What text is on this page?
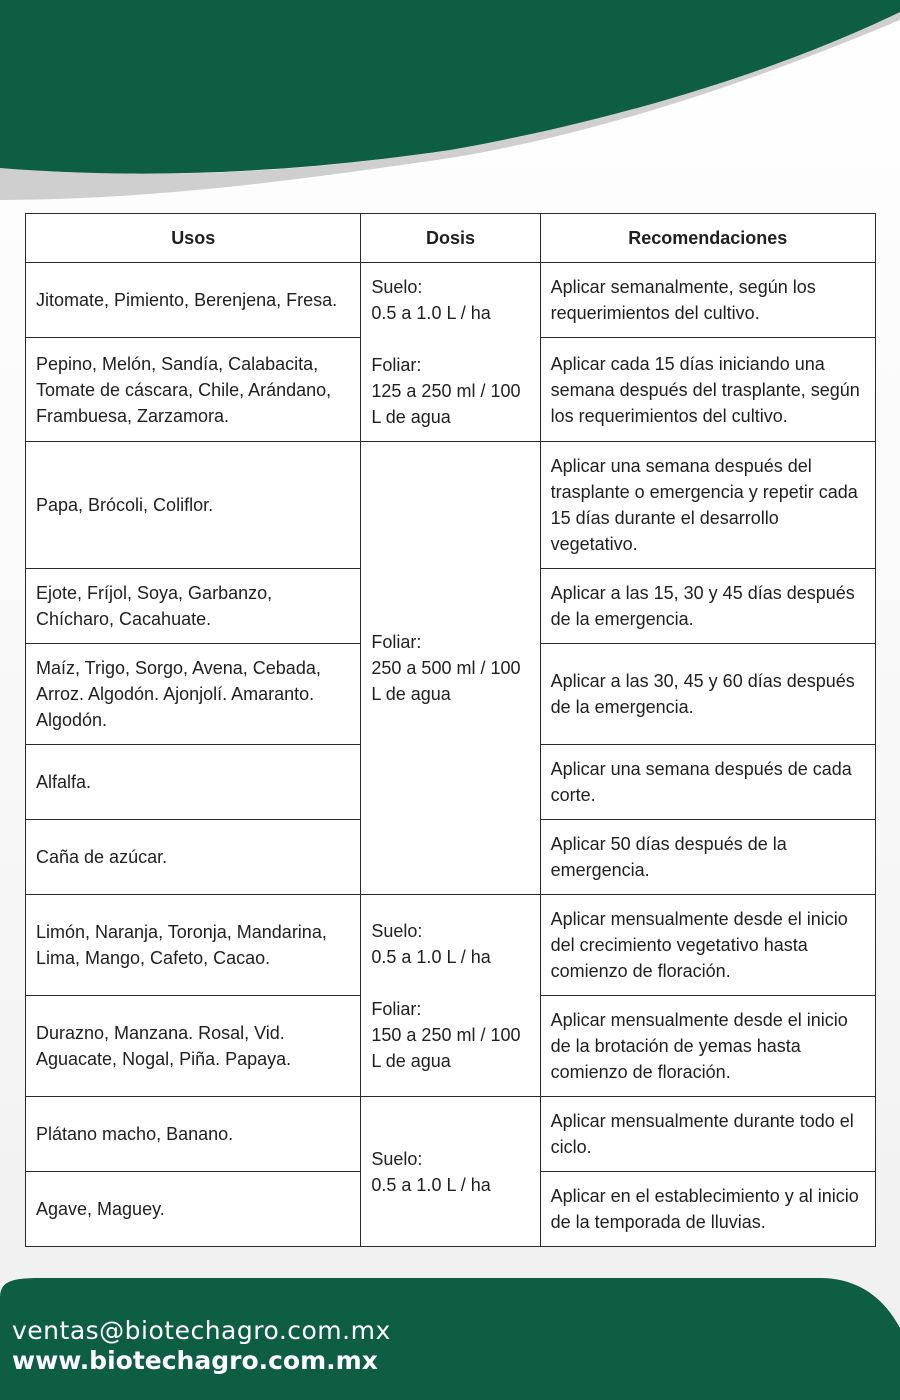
Usos	Dosis	Recomendaciones
Jitomate, Pimiento, Berenjena, Fresa.	Suelo:
0.5 a 1.0 L / ha
Foliar:
125 a 250 ml / 100 L de agua	Aplicar semanalmente, según los requerimientos del cultivo.
Pepino, Melón, Sandía, Calabacita, Tomate de cáscara, Chile, Arándano, Frambuesa, Zarzamora.		Aplicar cada 15 días iniciando una semana después del trasplante, según los requerimientos del cultivo.
Papa, Brócoli, Coliflor.	Foliar:
250 a 500 ml / 100 L de agua	Aplicar una semana después del trasplante o emergencia y repetir cada 15 días durante el desarrollo vegetativo.
Ejote, Fríjol, Soya, Garbanzo, Chícharo, Cacahuate.		Aplicar a las 15, 30 y 45 días después de la emergencia.
Maíz, Trigo, Sorgo, Avena, Cebada, Arroz. Algodón. Ajonjolí. Amaranto. Algodón.		Aplicar a las 30, 45 y 60 días después de la emergencia.
Alfalfa.		Aplicar una semana después de cada corte.
Caña de azúcar.		Aplicar 50 días después de la emergencia.
Limón, Naranja, Toronja, Mandarina, Lima, Mango, Cafeto, Cacao.	Suelo:
0.5 a 1.0 L / ha
Foliar:
150 a 250 ml / 100 L de agua	Aplicar mensualmente desde el inicio del crecimiento vegetativo hasta comienzo de floración.
Durazno, Manzana. Rosal, Vid. Aguacate, Nogal, Piña. Papaya.		Aplicar mensualmente desde el inicio de la brotación de yemas hasta comienzo de floración.
Plátano macho, Banano.	Suelo:
0.5 a 1.0 L / ha	Aplicar mensualmente durante todo el ciclo.
Agave, Maguey.		Aplicar en el establecimiento y al inicio de la temporada de lluvias.
ventas@biotechagro.com.mx
www.biotechagro.com.mx
